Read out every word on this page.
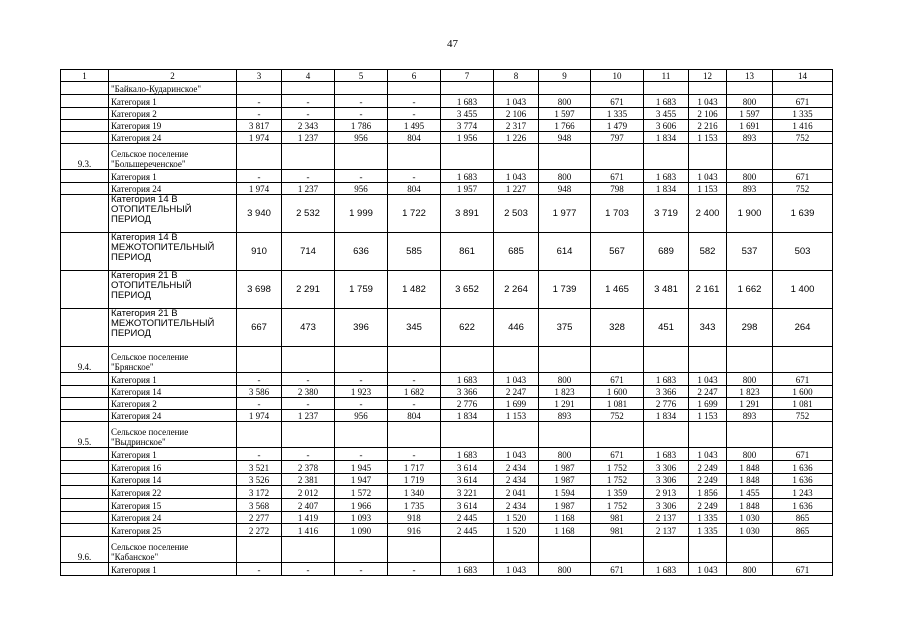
47
1	2	3	4	5	6	7	8	9	10	11	12	13	14

	"Байкало-Кударинское"												

	Категория 1	-	-	-	-	1 683	1 043	800	671	1 683	1 043	800	671

	Категория 2	-	-	-	-	3 455	2 106	1 597	1 335	3 455	2 106	1 597	1 335

	Категория 19	3 817	2 343	1 786	1 495	3 774	2 317	1 766	1 479	3 606	2 216	1 691	1 416

	Категория 24	1 974	1 237	956	804	1 956	1 226	948	797	1 834	1 153	893	752
9.3.	Сельское поселение
"Большереченское"												

	Категория 1	-	-	-	-	1 683	1 043	800	671	1 683	1 043	800	671

	Категория 24	1 974	1 237	956	804	1 957	1 227	948	798	1 834	1 153	893	752

	Категория 14 В
ОТОПИТЕЛЬНЫЙ
ПЕРИОД	3 940	2 532	1 999	1 722	3 891	2 503	1 977	1 703	3 719	2 400	1 900	1 639

	Категория 14 В
МЕЖОТОПИТЕЛЬНЫЙ
ПЕРИОД	910	714	636	585	861	685	614	567	689	582	537	503

	Категория 21 В
ОТОПИТЕЛЬНЫЙ
ПЕРИОД	3 698	2 291	1 759	1 482	3 652	2 264	1 739	1 465	3 481	2 161	1 662	1 400

	Категория 21 В
МЕЖОТОПИТЕЛЬНЫЙ
ПЕРИОД	667	473	396	345	622	446	375	328	451	343	298	264
9.4.	Сельское поселение
"Брянское"												

	Категория 1	-	-	-	-	1 683	1 043	800	671	1 683	1 043	800	671

	Категория 14	3 586	2 380	1 923	1 682	3 366	2 247	1 823	1 600	3 366	2 247	1 823	1 600

	Категория 2	-	-	-	-	2 776	1 699	1 291	1 081	2 776	1 699	1 291	1 081

	Категория 24	1 974	1 237	956	804	1 834	1 153	893	752	1 834	1 153	893	752
9.5.	Сельское поселение
"Выдринское"												

	Категория 1	-	-	-	-	1 683	1 043	800	671	1 683	1 043	800	671

	Категория 16	3 521	2 378	1 945	1 717	3 614	2 434	1 987	1 752	3 306	2 249	1 848	1 636

	Категория 14	3 526	2 381	1 947	1 719	3 614	2 434	1 987	1 752	3 306	2 249	1 848	1 636

	Категория 22	3 172	2 012	1 572	1 340	3 221	2 041	1 594	1 359	2 913	1 856	1 455	1 243

	Категория 15	3 568	2 407	1 966	1 735	3 614	2 434	1 987	1 752	3 306	2 249	1 848	1 636

	Категория 24	2 277	1 419	1 093	918	2 445	1 520	1 168	981	2 137	1 335	1 030	865

	Категория 25	2 272	1 416	1 090	916	2 445	1 520	1 168	981	2 137	1 335	1 030	865
9.6.	Сельское поселение
"Кабанское"												

	Категория 1	-	-	-	-	1 683	1 043	800	671	1 683	1 043	800	671
